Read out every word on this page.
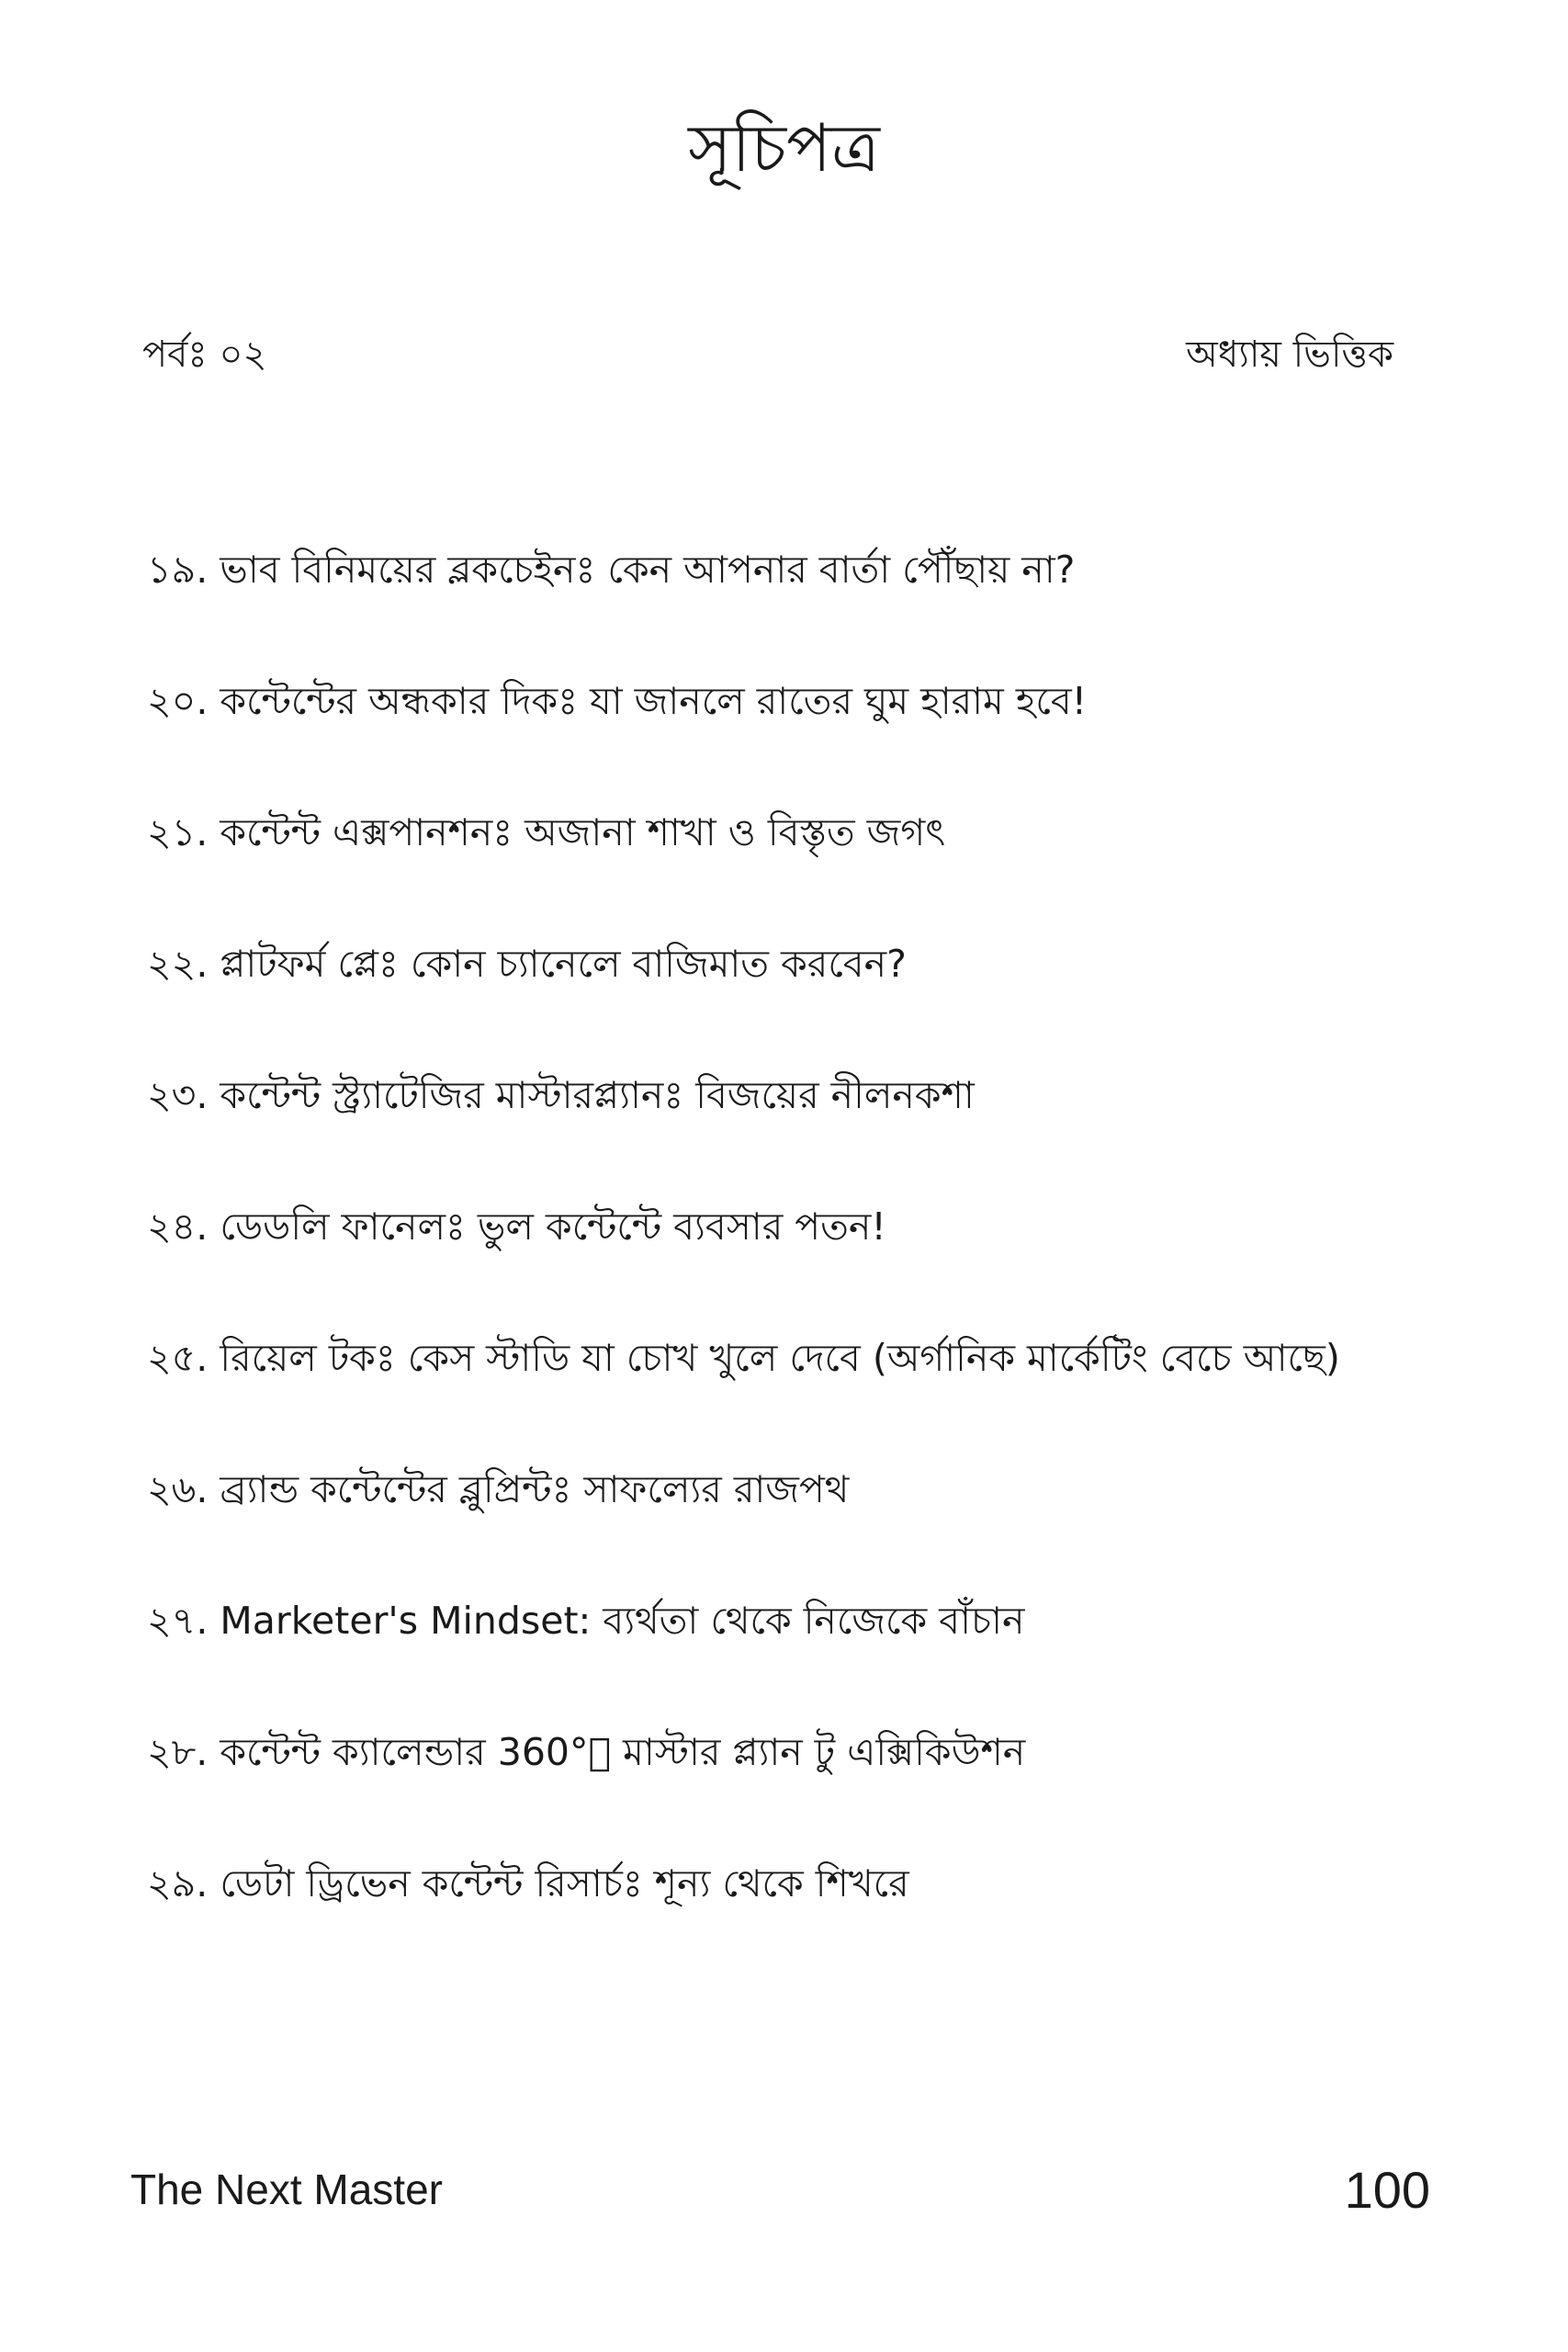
সূচিপত্র
পর্বঃ ০২	অধ্যায় ভিত্তিক
১৯. ভাব বিনিময়ের ব্লকচেইনঃ কেন আপনার বার্তা পৌঁছায় না?
২০. কন্টেন্টের অন্ধকার দিকঃ যা জানলে রাতের ঘুম হারাম হবে!
২১. কন্টেন্ট এক্সপানশনঃ অজানা শাখা ও বিস্তৃত জগৎ
২২. প্লাটফর্ম প্লেঃ কোন চ্যানেলে বাজিমাত করবেন?
২৩. কন্টেন্ট স্ট্র্যাটেজির মাস্টারপ্ল্যানঃ বিজয়ের নীলনকশা
২৪. ডেডলি ফানেলঃ ভুল কন্টেন্টে ব্যবসার পতন!
২৫. রিয়েল টকঃ কেস স্টাডি যা চোখ খুলে দেবে (অর্গানিক মার্কেটিং বেচে আছে)
২৬. ব্র্যান্ড কন্টেন্টের ব্লুপ্রিন্টঃ সাফল্যের রাজপথ
২৭. Marketer's Mindset: ব্যর্থতা থেকে নিজেকে বাঁচান
২৮. কন্টেন্ট ক্যালেন্ডার 360°ঃ মাস্টার প্ল্যান টু এক্সিকিউশন
২৯. ডেটা ড্রিভেন কন্টেন্ট রিসার্চঃ শূন্য থেকে শিখরে
The Next Master	100
